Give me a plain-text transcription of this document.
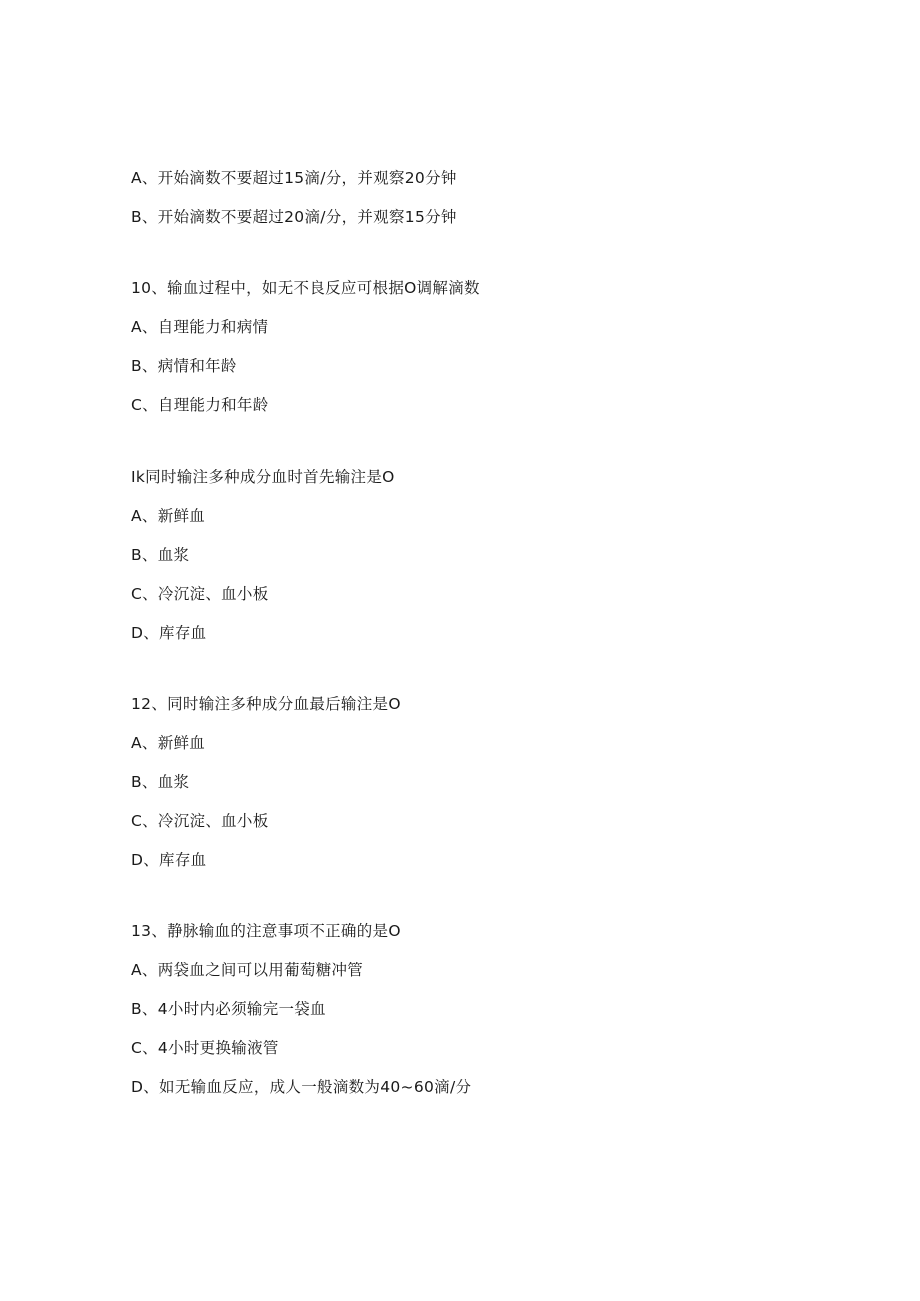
A、开始滴数不要超过15滴/分，并观察20分钟
B、开始滴数不要超过20滴/分，并观察15分钟
10、输血过程中，如无不良反应可根据O调解滴数
A、自理能力和病情
B、病情和年龄
C、自理能力和年龄
Ik同时输注多种成分血时首先输注是O
A、新鲜血
B、血浆
C、冷沉淀、血小板
D、库存血
12、同时输注多种成分血最后输注是O
A、新鲜血
B、血浆
C、冷沉淀、血小板
D、库存血
13、静脉输血的注意事项不正确的是O
A、两袋血之间可以用葡萄糖冲管
B、4小时内必须输完一袋血
C、4小时更换输液管
D、如无输血反应，成人一般滴数为40~60滴/分
